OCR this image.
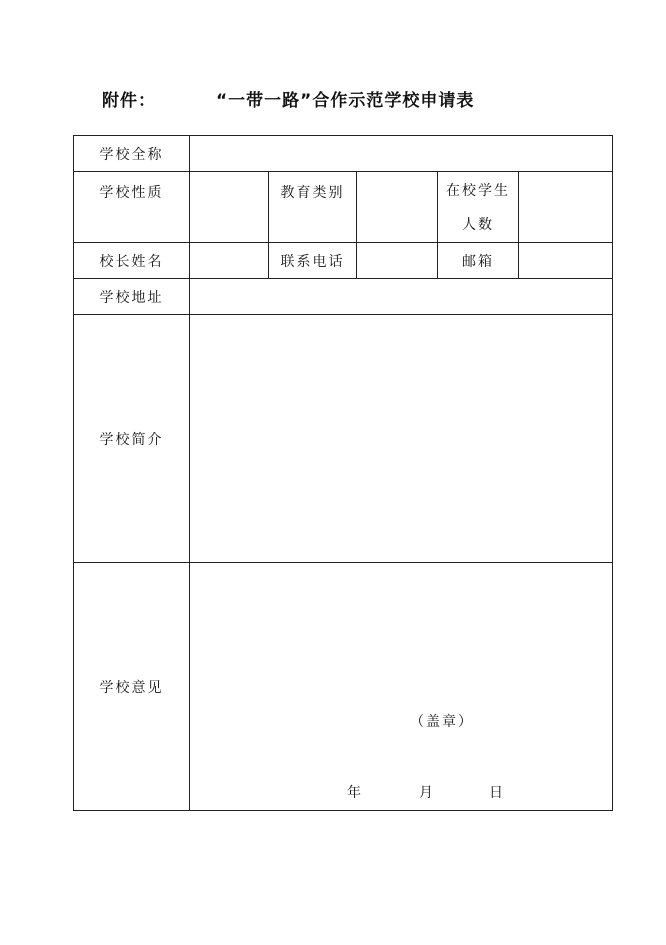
附件：	“一带一路”合作示范学校申请表
学校全称					
学校性质		教育类别		在校学生
人数	

校长姓名		联系电话		邮箱	
学校地址					
学校简介					
学校意见	（盖章）
年 月 日				
